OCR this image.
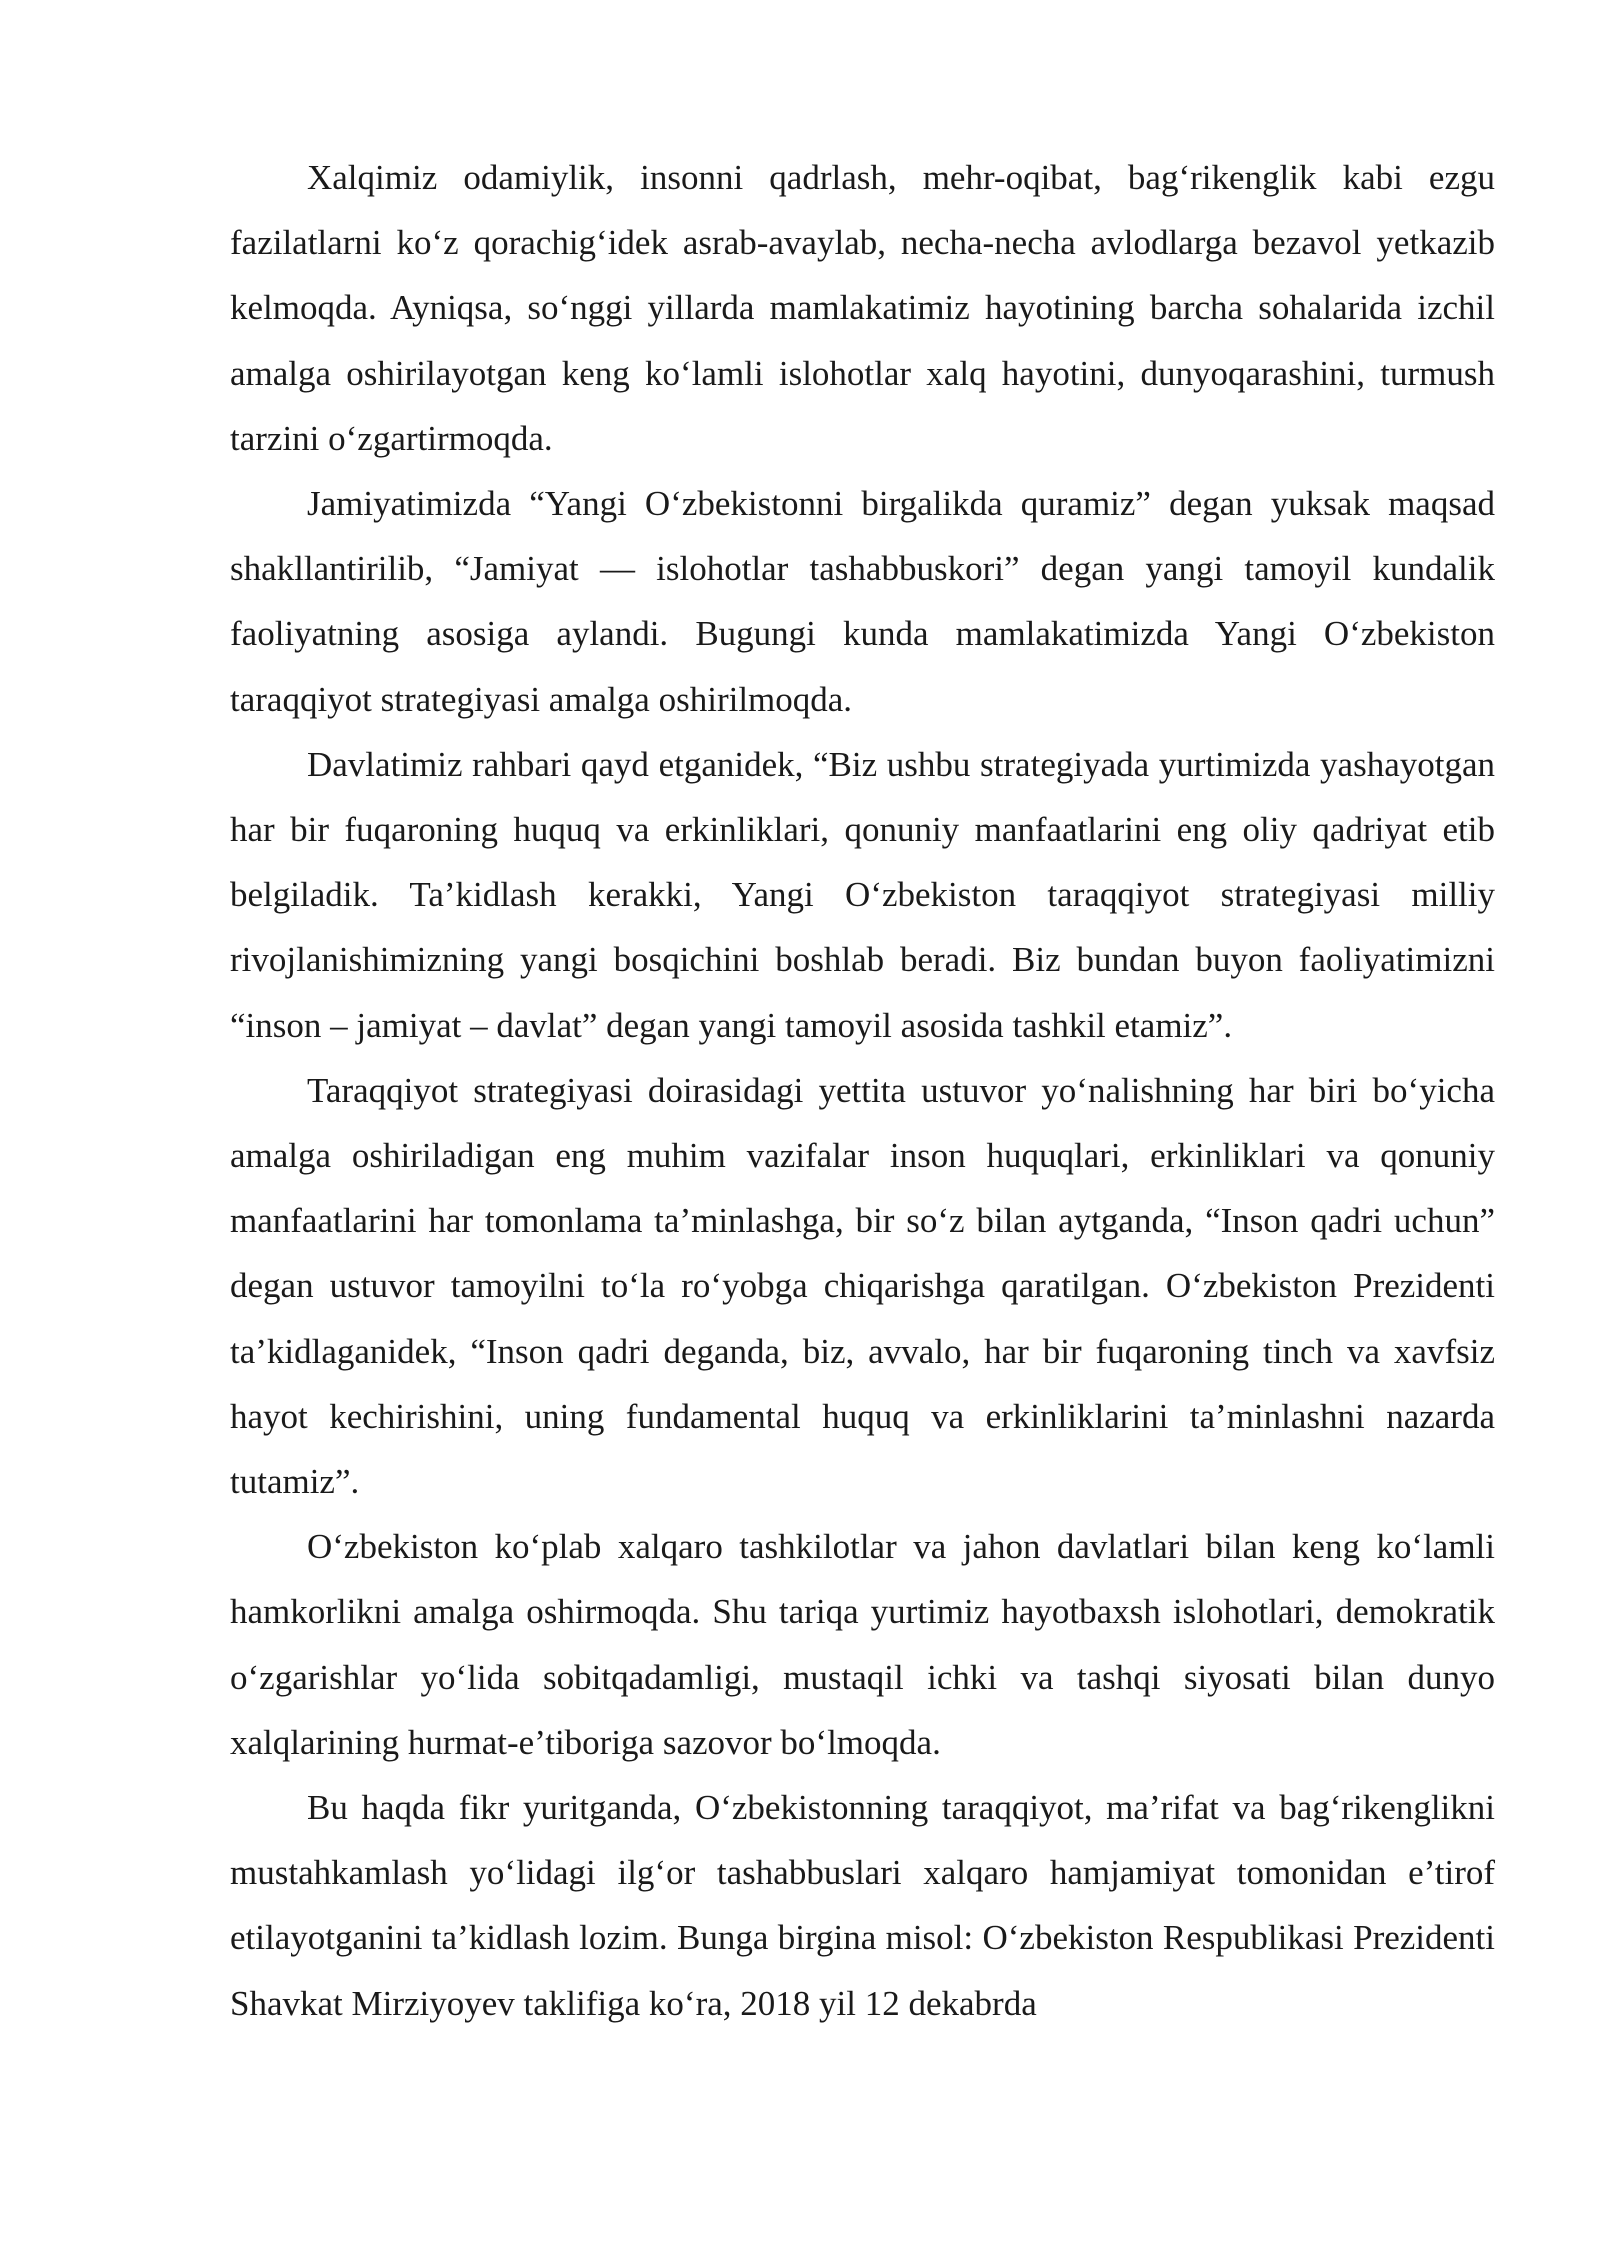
Xalqimiz odamiylik, insonni qadrlash, mehr-oqibat, bag‘rikenglik kabi ezgu fazilatlarni ko‘z qorachig‘idek asrab-avaylab, necha-necha avlodlarga bezavol yetkazib kelmoqda. Ayniqsa, so‘nggi yillarda mamlakatimiz hayotining barcha sohalarida izchil amalga oshirilayotgan keng ko‘lamli islohotlar xalq hayotini, dunyoqarashini, turmush tarzini o‘zgartirmoqda.

Jamiyatimizda “Yangi O‘zbekistonni birgalikda quramiz” degan yuksak maqsad shakllantirilib, “Jamiyat — islohotlar tashabbuskori” degan yangi tamoyil kundalik faoliyatning asosiga aylandi. Bugungi kunda mamlakatimizda Yangi O‘zbekiston taraqqiyot strategiyasi amalga oshirilmoqda.

Davlatimiz rahbari qayd etganidek, “Biz ushbu strategiyada yurtimizda yashayotgan har bir fuqaroning huquq va erkinliklari, qonuniy manfaatlarini eng oliy qadriyat etib belgiladik. Ta’kidlash kerakki, Yangi O‘zbekiston taraqqiyot strategiyasi milliy rivojlanishimizning yangi bosqichini boshlab beradi. Biz bundan buyon faoliyatimizni “inson – jamiyat – davlat” degan yangi tamoyil asosida tashkil etamiz”.

Taraqqiyot strategiyasi doirasidagi yettita ustuvor yo‘nalishning har biri bo‘yicha amalga oshiriladigan eng muhim vazifalar inson huquqlari, erkinliklari va qonuniy manfaatlarini har tomonlama ta’minlashga, bir so‘z bilan aytganda, “Inson qadri uchun” degan ustuvor tamoyilni to‘la ro‘yobga chiqarishga qaratilgan. O‘zbekiston Prezidenti ta’kidlaganidek, “Inson qadri deganda, biz, avvalo, har bir fuqaroning tinch va xavfsiz hayot kechirishini, uning fundamental huquq va erkinliklarini ta’minlashni nazarda tutamiz”.

O‘zbekiston ko‘plab xalqaro tashkilotlar va jahon davlatlari bilan keng ko‘lamli hamkorlikni amalga oshirmoqda. Shu tariqa yurtimiz hayotbaxsh islohotlari, demokratik o‘zgarishlar yo‘lida sobitqadamligi, mustaqil ichki va tashqi siyosati bilan dunyo xalqlarining hurmat-e’tiboriga sazovor bo‘lmoqda.

Bu haqda fikr yuritganda, O‘zbekistonning taraqqiyot, ma’rifat va bag‘rikenglikni mustahkamlash yo‘lidagi ilg‘or tashabbuslari xalqaro hamjamiyat tomonidan e’tirof etilayotganini ta’kidlash lozim. Bunga birgina misol: O‘zbekiston Respublikasi Prezidenti Shavkat Mirziyoyev taklifiga ko‘ra, 2018 yil 12 dekabrda
